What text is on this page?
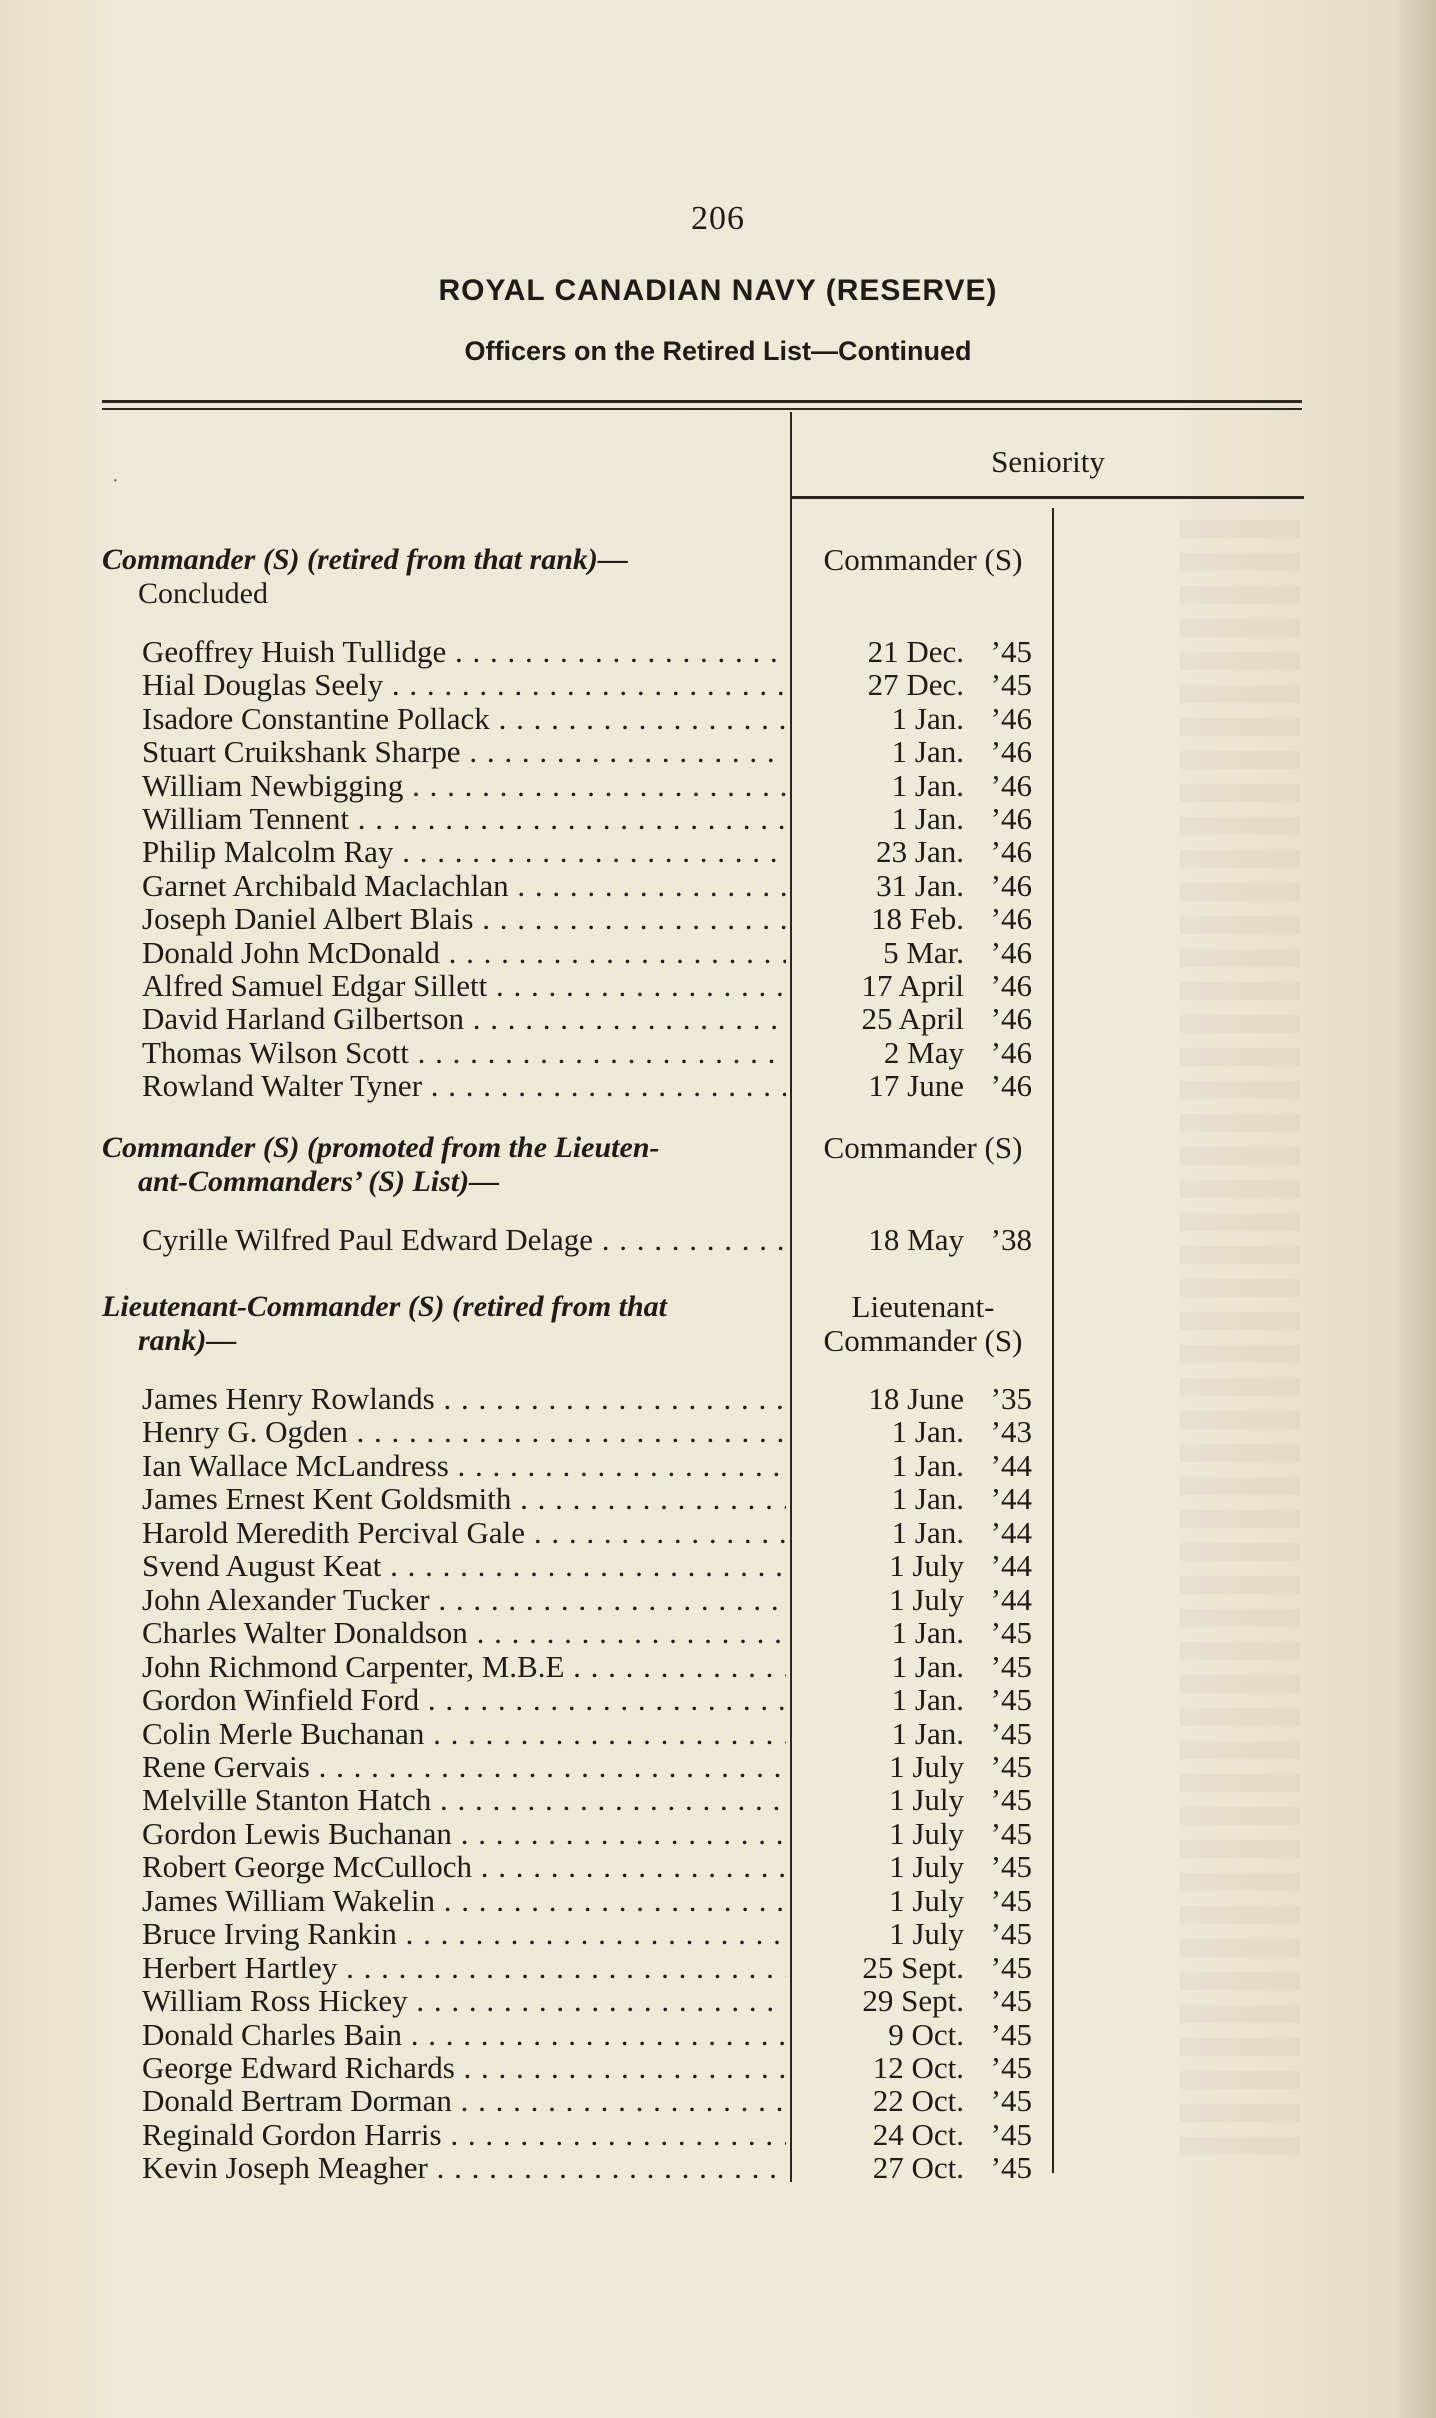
206
ROYAL CANADIAN NAVY (RESERVE)
Officers on the Retired List—Continued
Seniority
·
Commander (S) (retired from that rank)—
Concluded
Commander (S)
Geoffrey Huish Tullidge . . .	21 Dec. ’45
Hial Douglas Seely . . .	27 Dec. ’45
Isadore Constantine Pollack . . .	1 Jan. ’46
Stuart Cruikshank Sharpe . . .	1 Jan. ’46
William Newbigging . . .	1 Jan. ’46
William Tennent . . .	1 Jan. ’46
Philip Malcolm Ray . . .	23 Jan. ’46
Garnet Archibald Maclachlan . . .	31 Jan. ’46
Joseph Daniel Albert Blais . . .	18 Feb. ’46
Donald John McDonald . . .	5 Mar. ’46
Alfred Samuel Edgar Sillett . . .	17 April ’46
David Harland Gilbertson . . .	25 April ’46
Thomas Wilson Scott . . .	2 May ’46
Rowland Walter Tyner . . .	17 June ’46
Commander (S) (promoted from the Lieuten-
ant-Commanders’ (S) List)—
Commander (S)
Cyrille Wilfred Paul Edward Delage . . .	18 May ’38
Lieutenant-Commander (S) (retired from that
rank)—
Lieutenant-
Commander (S)
James Henry Rowlands . . .	18 June ’35
Henry G. Ogden . . .	1 Jan. ’43
Ian Wallace McLandress . . .	1 Jan. ’44
James Ernest Kent Goldsmith . . .	1 Jan. ’44
Harold Meredith Percival Gale . . .	1 Jan. ’44
Svend August Keat . . .	1 July ’44
John Alexander Tucker . . .	1 July ’44
Charles Walter Donaldson . . .	1 Jan. ’45
John Richmond Carpenter, M.B.E . . .	1 Jan. ’45
Gordon Winfield Ford . . .	1 Jan. ’45
Colin Merle Buchanan . . .	1 Jan. ’45
Rene Gervais . . .	1 July ’45
Melville Stanton Hatch . . .	1 July ’45
Gordon Lewis Buchanan . . .	1 July ’45
Robert George McCulloch . . .	1 July ’45
James William Wakelin . . .	1 July ’45
Bruce Irving Rankin . . .	1 July ’45
Herbert Hartley . . .	25 Sept. ’45
William Ross Hickey . . .	29 Sept. ’45
Donald Charles Bain . . .	9 Oct. ’45
George Edward Richards . . .	12 Oct. ’45
Donald Bertram Dorman . . .	22 Oct. ’45
Reginald Gordon Harris . . .	24 Oct. ’45
Kevin Joseph Meagher . . .	27 Oct. ’45
